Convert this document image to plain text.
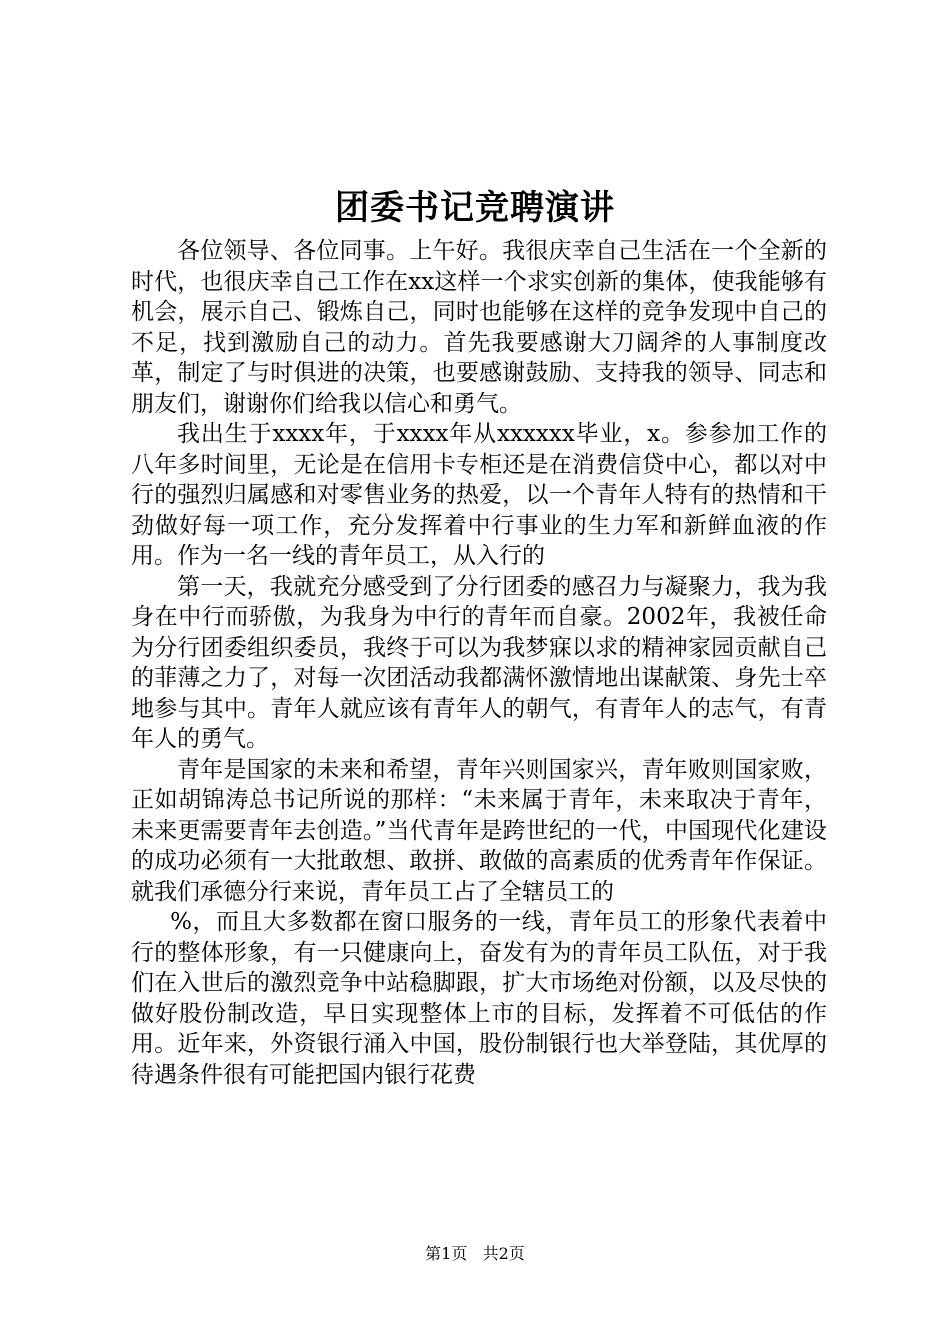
团委书记竞聘演讲

各位领导、各位同事。上午好。我很庆幸自己生活在一个全新的时代，也很庆幸自己工作在xx这样一个求实创新的集体，使我能够有机会，展示自己、锻炼自己，同时也能够在这样的竞争发现中自己的不足，找到激励自己的动力。首先我要感谢大刀阔斧的人事制度改革，制定了与时俱进的决策，也要感谢鼓励、支持我的领导、同志和朋友们，谢谢你们给我以信心和勇气。

我出生于xxxx年，于xxxx年从xxxxxx毕业，x。参参加工作的八年多时间里，无论是在信用卡专柜还是在消费信贷中心，都以对中行的强烈归属感和对零售业务的热爱，以一个青年人特有的热情和干劲做好每一项工作，充分发挥着中行事业的生力军和新鲜血液的作用。作为一名一线的青年员工，从入行的

第一天，我就充分感受到了分行团委的感召力与凝聚力，我为我身在中行而骄傲，为我身为中行的青年而自豪。2002年，我被任命为分行团委组织委员，我终于可以为我梦寐以求的精神家园贡献自己的菲薄之力了，对每一次团活动我都满怀激情地出谋献策、身先士卒地参与其中。青年人就应该有青年人的朝气，有青年人的志气，有青年人的勇气。

青年是国家的未来和希望，青年兴则国家兴，青年败则国家败，正如胡锦涛总书记所说的那样：“未来属于青年，未来取决于青年，未来更需要青年去创造。”当代青年是跨世纪的一代，中国现代化建设的成功必须有一大批敢想、敢拼、敢做的高素质的优秀青年作保证。就我们承德分行来说，青年员工占了全辖员工的

%，而且大多数都在窗口服务的一线，青年员工的形象代表着中行的整体形象，有一只健康向上，奋发有为的青年员工队伍，对于我们在入世后的激烈竞争中站稳脚跟，扩大市场绝对份额，以及尽快的做好股份制改造，早日实现整体上市的目标，发挥着不可低估的作用。近年来，外资银行涌入中国，股份制银行也大举登陆，其优厚的待遇条件很有可能把国内银行花费

第1页 共2页
